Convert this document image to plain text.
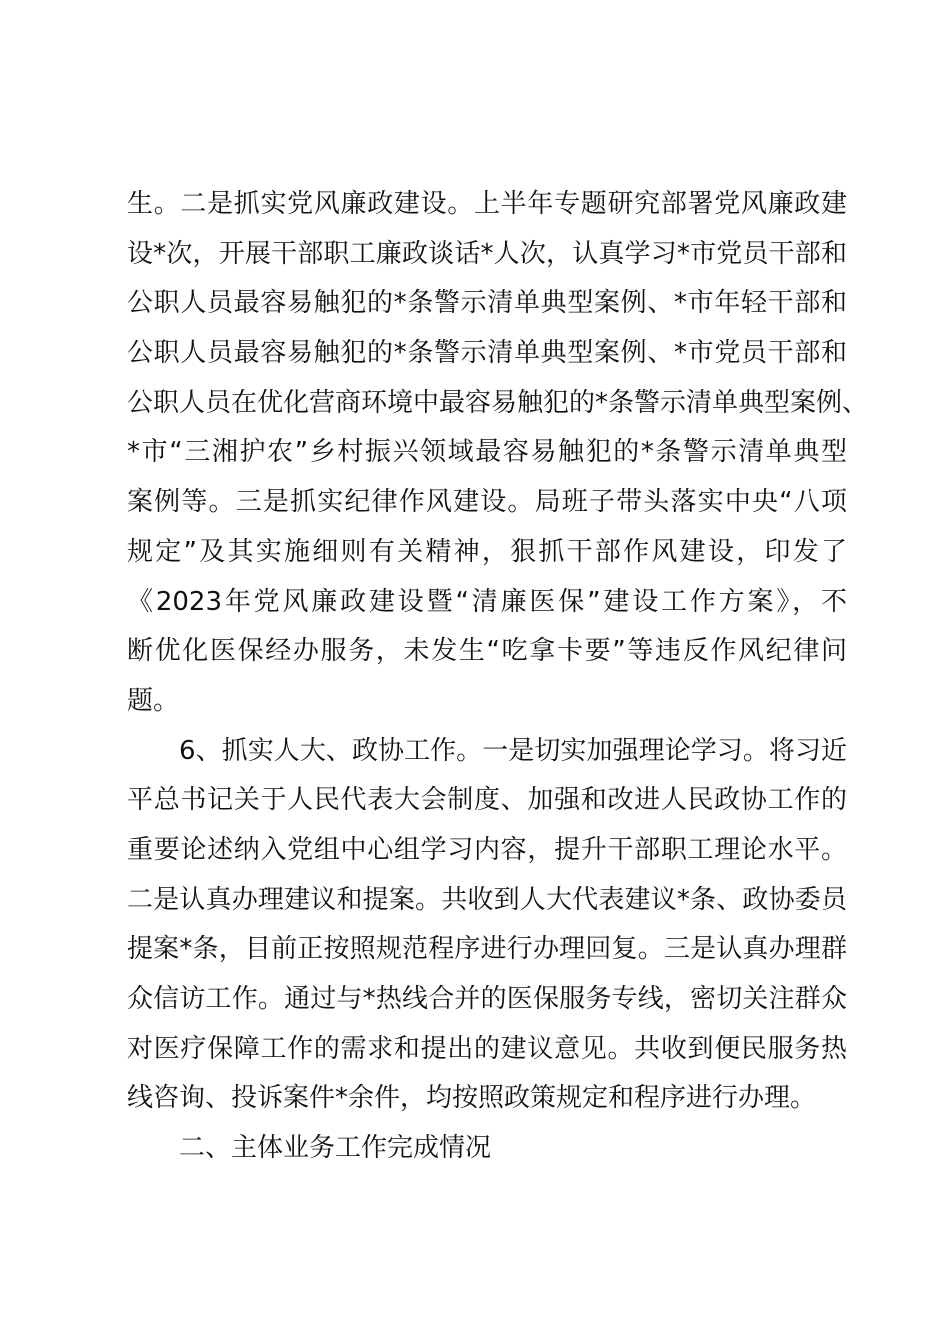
生。二是抓实党风廉政建设。上半年专题研究部署党风廉政建
设*次，开展干部职工廉政谈话*人次，认真学习*市党员干部和
公职人员最容易触犯的*条警示清单典型案例、*市年轻干部和
公职人员最容易触犯的*条警示清单典型案例、*市党员干部和
公职人员在优化营商环境中最容易触犯的*条警示清单典型案例、
*市“三湘护农”乡村振兴领域最容易触犯的*条警示清单典型
案例等。三是抓实纪律作风建设。局班子带头落实中央“八项
规定”及其实施细则有关精神，狠抓干部作风建设，印发了
《2023年党风廉政建设暨“清廉医保”建设工作方案》，不
断优化医保经办服务，未发生“吃拿卡要”等违反作风纪律问
题。
6、抓实人大、政协工作。一是切实加强理论学习。将习近
平总书记关于人民代表大会制度、加强和改进人民政协工作的
重要论述纳入党组中心组学习内容，提升干部职工理论水平。
二是认真办理建议和提案。共收到人大代表建议*条、政协委员
提案*条，目前正按照规范程序进行办理回复。三是认真办理群
众信访工作。通过与*热线合并的医保服务专线，密切关注群众
对医疗保障工作的需求和提出的建议意见。共收到便民服务热
线咨询、投诉案件*余件，均按照政策规定和程序进行办理。
二、主体业务工作完成情况
